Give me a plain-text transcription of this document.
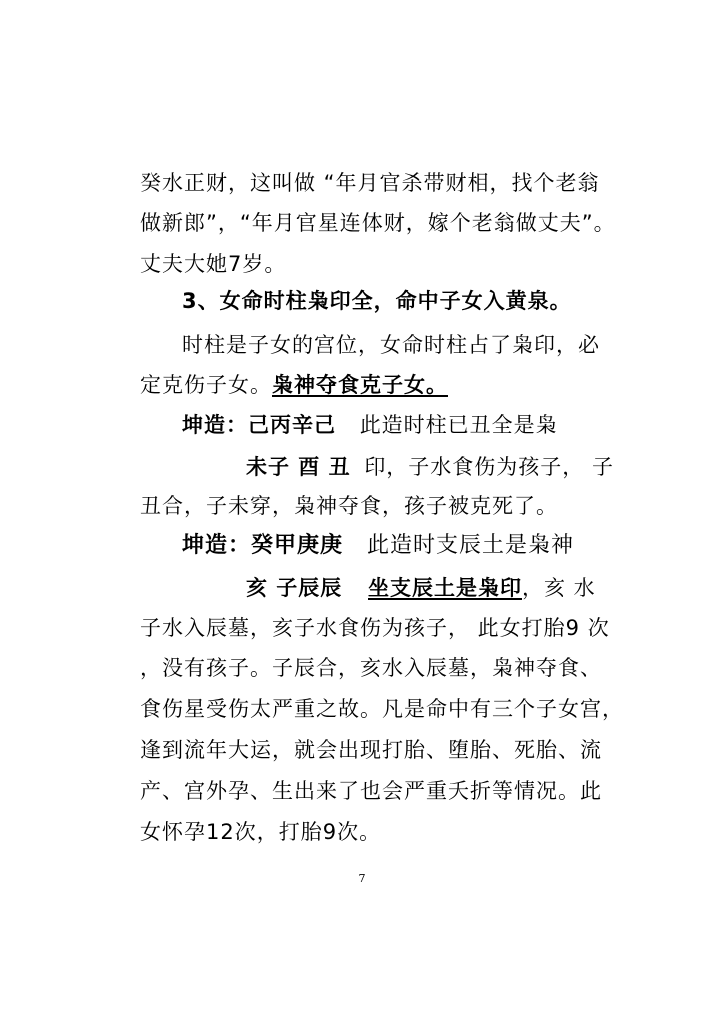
癸水正财，这叫做 “年月官杀带财相，找个老翁
做新郎”，“年月官星连体财，嫁个老翁做丈夫”。
丈夫大她7岁。
3、女命时柱枭印全，命中子女入黄泉。
时柱是子女的宫位，女命时柱占了枭印，必
定克伤子女。枭神夺食克子女。
坤造：己丙辛己 此造时柱已丑全是枭
未子 酉 丑 印，子水食伤为孩子， 子
丑合，子未穿，枭神夺食，孩子被克死了。
坤造：癸甲庚庚 此造时支辰土是枭神
亥 子辰辰 坐支辰土是枭印，亥 水
子水入辰墓，亥子水食伤为孩子， 此女打胎9 次
，没有孩子。子辰合，亥水入辰墓，枭神夺食、
食伤星受伤太严重之故。凡是命中有三个子女宫，
逢到流年大运，就会出现打胎、堕胎、死胎、流
产、宫外孕、生出来了也会严重夭折等情况。此
女怀孕12次，打胎9次。
7
